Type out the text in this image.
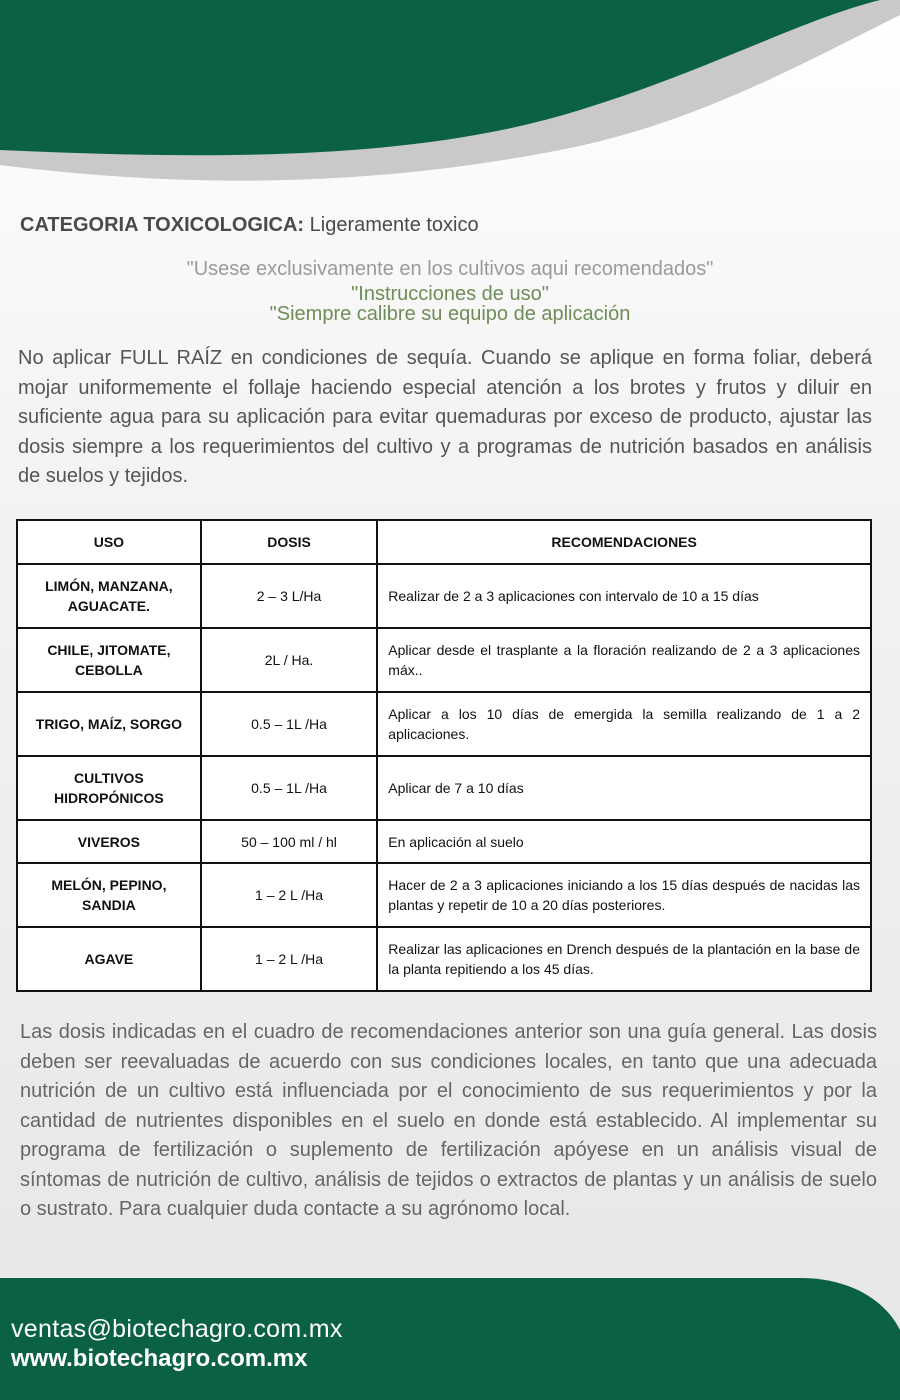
CATEGORIA TOXICOLOGICA: Ligeramente toxico
"Usese exclusivamente en los cultivos aqui recomendados"
"Instrucciones de uso"
"Siempre calibre su equipo de aplicación
No aplicar FULL RAÍZ en condiciones de sequía. Cuando se aplique en forma foliar, deberá mojar uniformemente el follaje haciendo especial atención a los brotes y frutos y diluir en suficiente agua para su aplicación para evitar quemaduras por exceso de producto, ajustar las dosis siempre a los requerimientos del cultivo y a programas de nutrición basados en análisis de suelos y tejidos.
USO	DOSIS	RECOMENDACIONES
LIMÓN, MANZANA, AGUACATE.	2 – 3 L/Ha	Realizar de 2 a 3 aplicaciones con intervalo de 10 a 15 días
CHILE, JITOMATE, CEBOLLA	2L / Ha.	Aplicar desde el trasplante a la floración realizando de 2 a 3 aplicaciones máx..
TRIGO, MAÍZ, SORGO	0.5 – 1L /Ha	Aplicar a los 10 días de emergida la semilla realizando de 1 a 2 aplicaciones.
CULTIVOS HIDROPÓNICOS	0.5 – 1L /Ha	Aplicar de 7 a 10 días
VIVEROS	50 – 100 ml / hl	En aplicación al suelo
MELÓN, PEPINO, SANDIA	1 – 2 L /Ha	Hacer de 2 a 3 aplicaciones iniciando a los 15 días después de nacidas las plantas y repetir de 10 a 20 días posteriores.
AGAVE	1 – 2 L /Ha	Realizar las aplicaciones en Drench después de la plantación en la base de la planta repitiendo a los 45 días.
Las dosis indicadas en el cuadro de recomendaciones anterior son una guía general. Las dosis deben ser reevaluadas de acuerdo con sus condiciones locales, en tanto que una adecuada nutrición de un cultivo está influenciada por el conocimiento de sus requerimientos y por la cantidad de nutrientes disponibles en el suelo en donde está establecido. Al implementar su programa de fertilización o suplemento de fertilización apóyese en un análisis visual de síntomas de nutrición de cultivo, análisis de tejidos o extractos de plantas y un análisis de suelo o sustrato. Para cualquier duda contacte a su agrónomo local.
ventas@biotechagro.com.mx
www.biotechagro.com.mx
